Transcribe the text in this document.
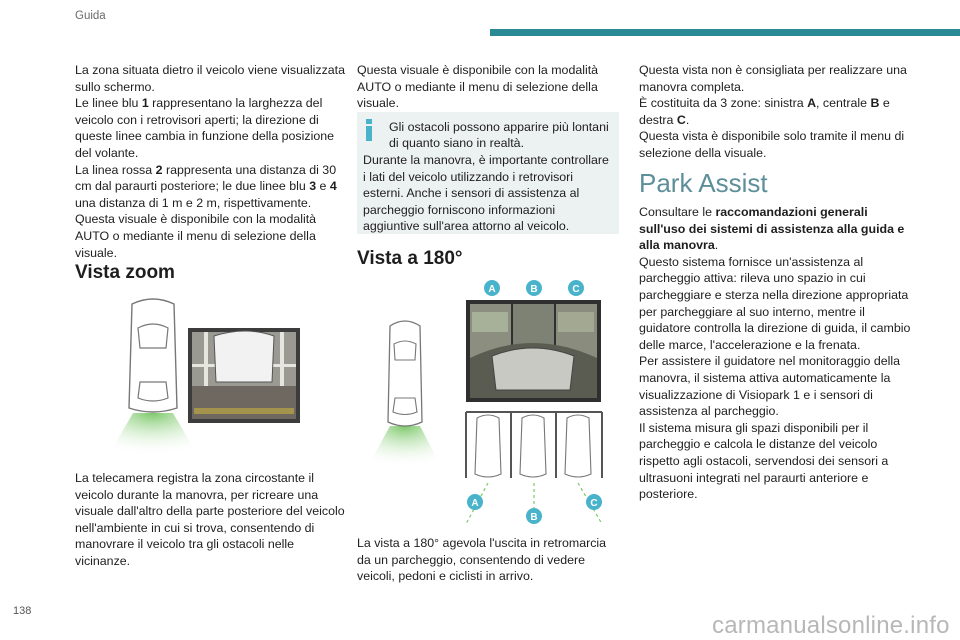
Guida

La zona situata dietro il veicolo viene visualizzata sullo schermo.

Le linee blu 1 rappresentano la larghezza del veicolo con i retrovisori aperti; la direzione di queste linee cambia in funzione della posizione del volante.

La linea rossa 2 rappresenta una distanza di 30 cm dal paraurti posteriore; le due linee blu 3 e 4 una distanza di 1 m e 2 m, rispettivamente.

Questa visuale è disponibile con la modalità AUTO o mediante il menu di selezione della visuale.

Vista zoom

La telecamera registra la zona circostante il veicolo durante la manovra, per ricreare una visuale dall'altro della parte posteriore del veicolo nell'ambiente in cui si trova, consentendo di manovrare il veicolo tra gli ostacoli nelle vicinanze.

Questa visuale è disponibile con la modalità AUTO o mediante il menu di selezione della visuale.

Gli ostacoli possono apparire più lontani di quanto siano in realtà.
Durante la manovra, è importante controllare i lati del veicolo utilizzando i retrovisori esterni. Anche i sensori di assistenza al parcheggio forniscono informazioni aggiuntive sull'area attorno al veicolo.
Vista a 180°
A	B	C
A
B
C

La vista a 180° agevola l'uscita in retromarcia da un parcheggio, consentendo di vedere veicoli, pedoni e ciclisti in arrivo.

Questa vista non è consigliata per realizzare una manovra completa.

È costituita da 3 zone: sinistra A, centrale B e destra C.

Questa vista è disponibile solo tramite il menu di selezione della visuale.

Park Assist

Consultare le raccomandazioni generali sull'uso dei sistemi di assistenza alla guida e alla manovra.

Questo sistema fornisce un'assistenza al parcheggio attiva: rileva uno spazio in cui parcheggiare e sterza nella direzione appropriata per parcheggiare al suo interno, mentre il guidatore controlla la direzione di guida, il cambio delle marce, l'accelerazione e la frenata.

Per assistere il guidatore nel monitoraggio della manovra, il sistema attiva automaticamente la visualizzazione di Visiopark 1 e i sensori di assistenza al parcheggio.

Il sistema misura gli spazi disponibili per il parcheggio e calcola le distanze del veicolo rispetto agli ostacoli, servendosi dei sensori a ultrasuoni integrati nel paraurti anteriore e posteriore.

138
carmanualsonline.info
